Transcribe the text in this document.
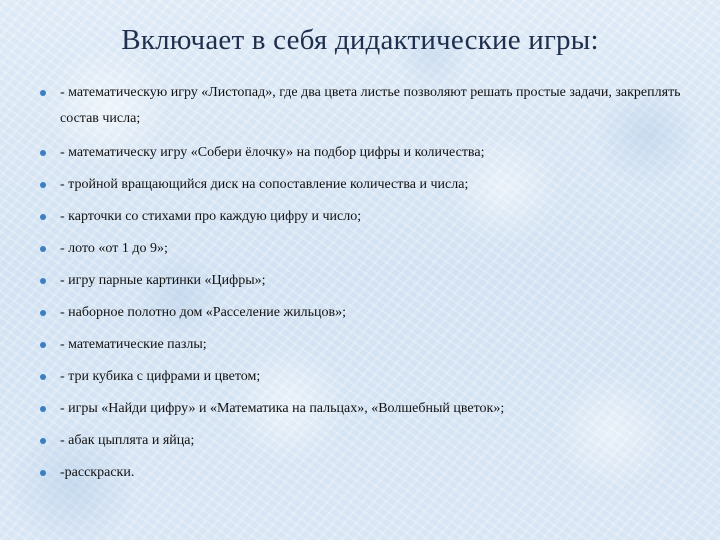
Включает в себя дидактические игры:
- математическую игру «Листопад», где два цвета листье позволяют решать простые задачи, закреплять состав числа;
- математическу игру «Собери ёлочку» на подбор цифры и количества;
- тройной вращающийся диск на сопоставление количества и числа;
- карточки со стихами про каждую цифру и число;
- лото «от 1 до 9»;
- игру парные картинки «Цифры»;
- наборное полотно дом «Расселение жильцов»;
- математические пазлы;
- три кубика с цифрами и цветом;
- игры «Найди цифру» и «Математика на пальцах», «Волшебный цветок»;
- абак цыплята и яйца;
-расскраски.
